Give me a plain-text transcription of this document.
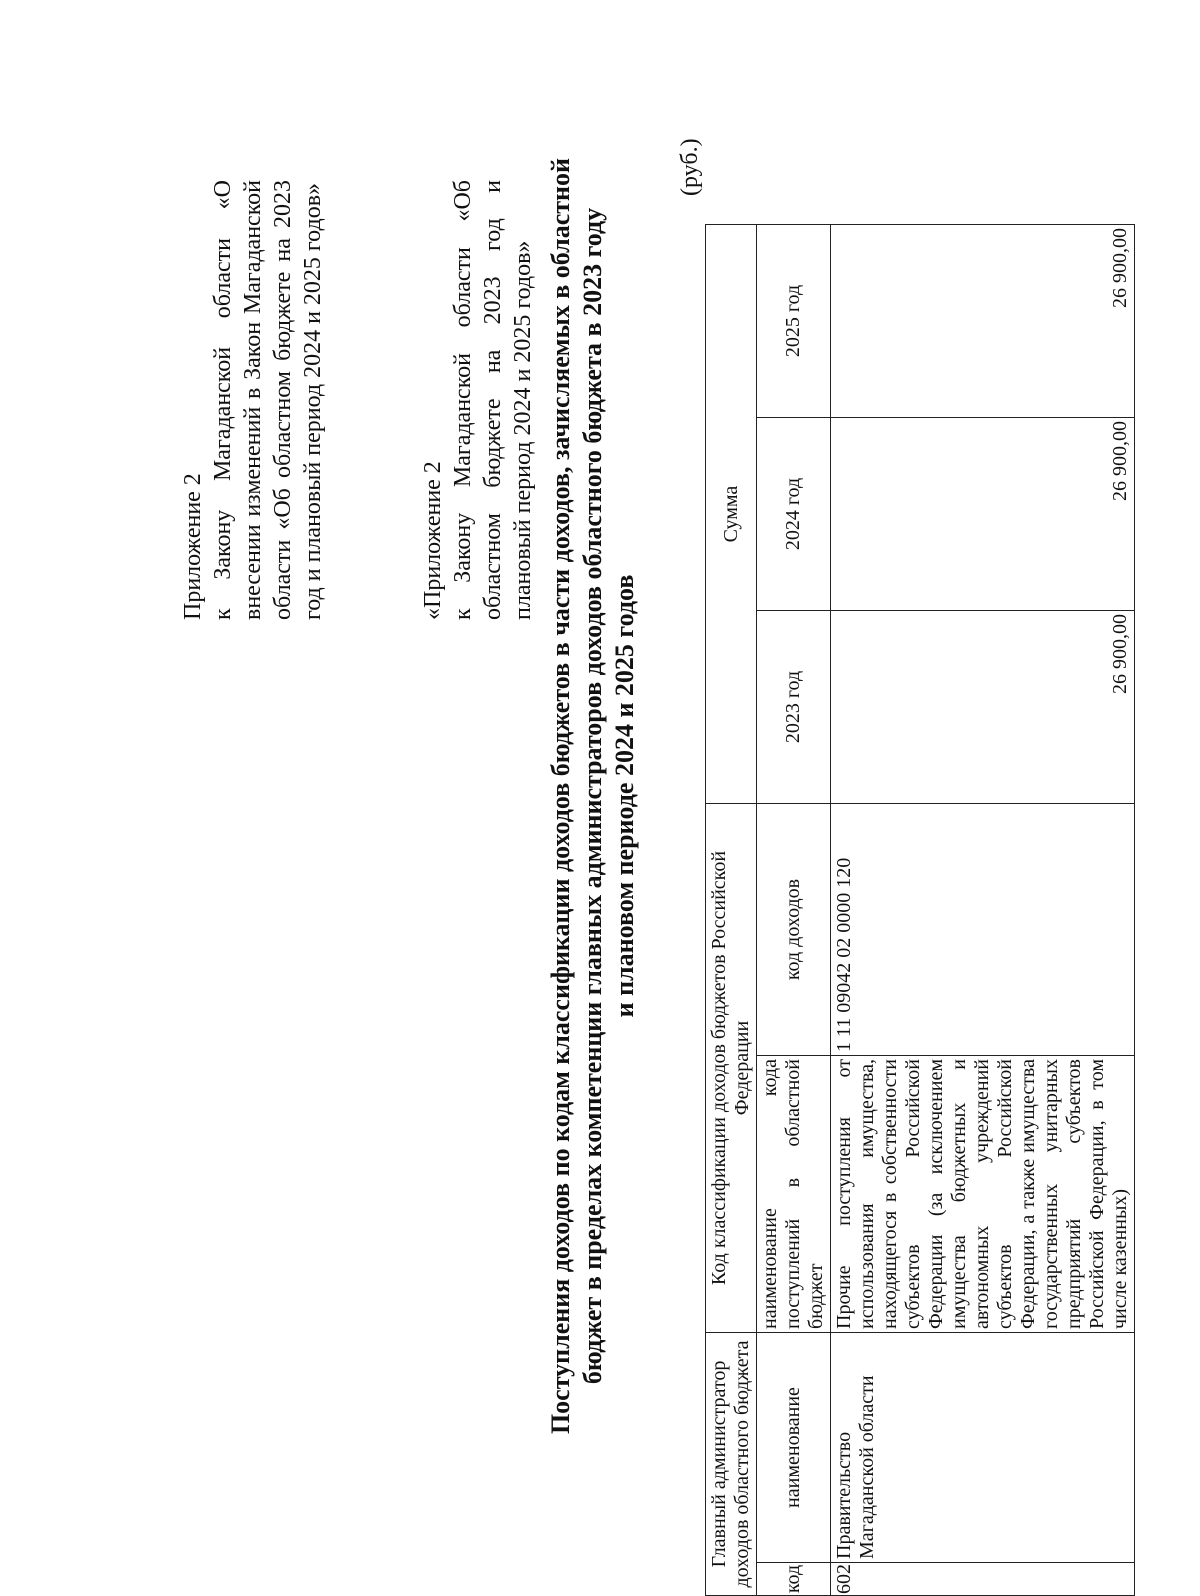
Приложение 2 к Закону Магаданской области «О внесении изменений в Закон Магаданской области «Об областном бюджете на 2023 год и плановый период 2024 и 2025 годов»	«Приложение 2 к Закону Магаданской области «Об областном бюджете на 2023 год и плановый период 2024 и 2025 годов» Поступления доходов по кодам классификации доходов бюджетов в части доходов, зачисляемых в областной бюджет в пределах компетенции главных администраторов доходов областного бюджета в 2023 году и плановом периоде 2024 и 2025 годов
(руб.)
Главный администратор доходов областного бюджета		Код классификации доходов бюджетов Российской Федерации		Сумма		
код	наименование	наименование кода поступлений в областной бюджет	код доходов	2023 год	2024 год	2025 год
602	Правительство Магаданской области	Прочие поступления от использования имущества, находящегося в собственности субъектов Российской Федерации (за исключением имущества бюджетных и автономных учреждений субъектов Российской Федерации, а также имущества государственных унитарных предприятий субъектов Российской Федерации, в том числе казенных)	1 11 09042 02 0000 120	26 900,00	26 900,00	26 900,00
